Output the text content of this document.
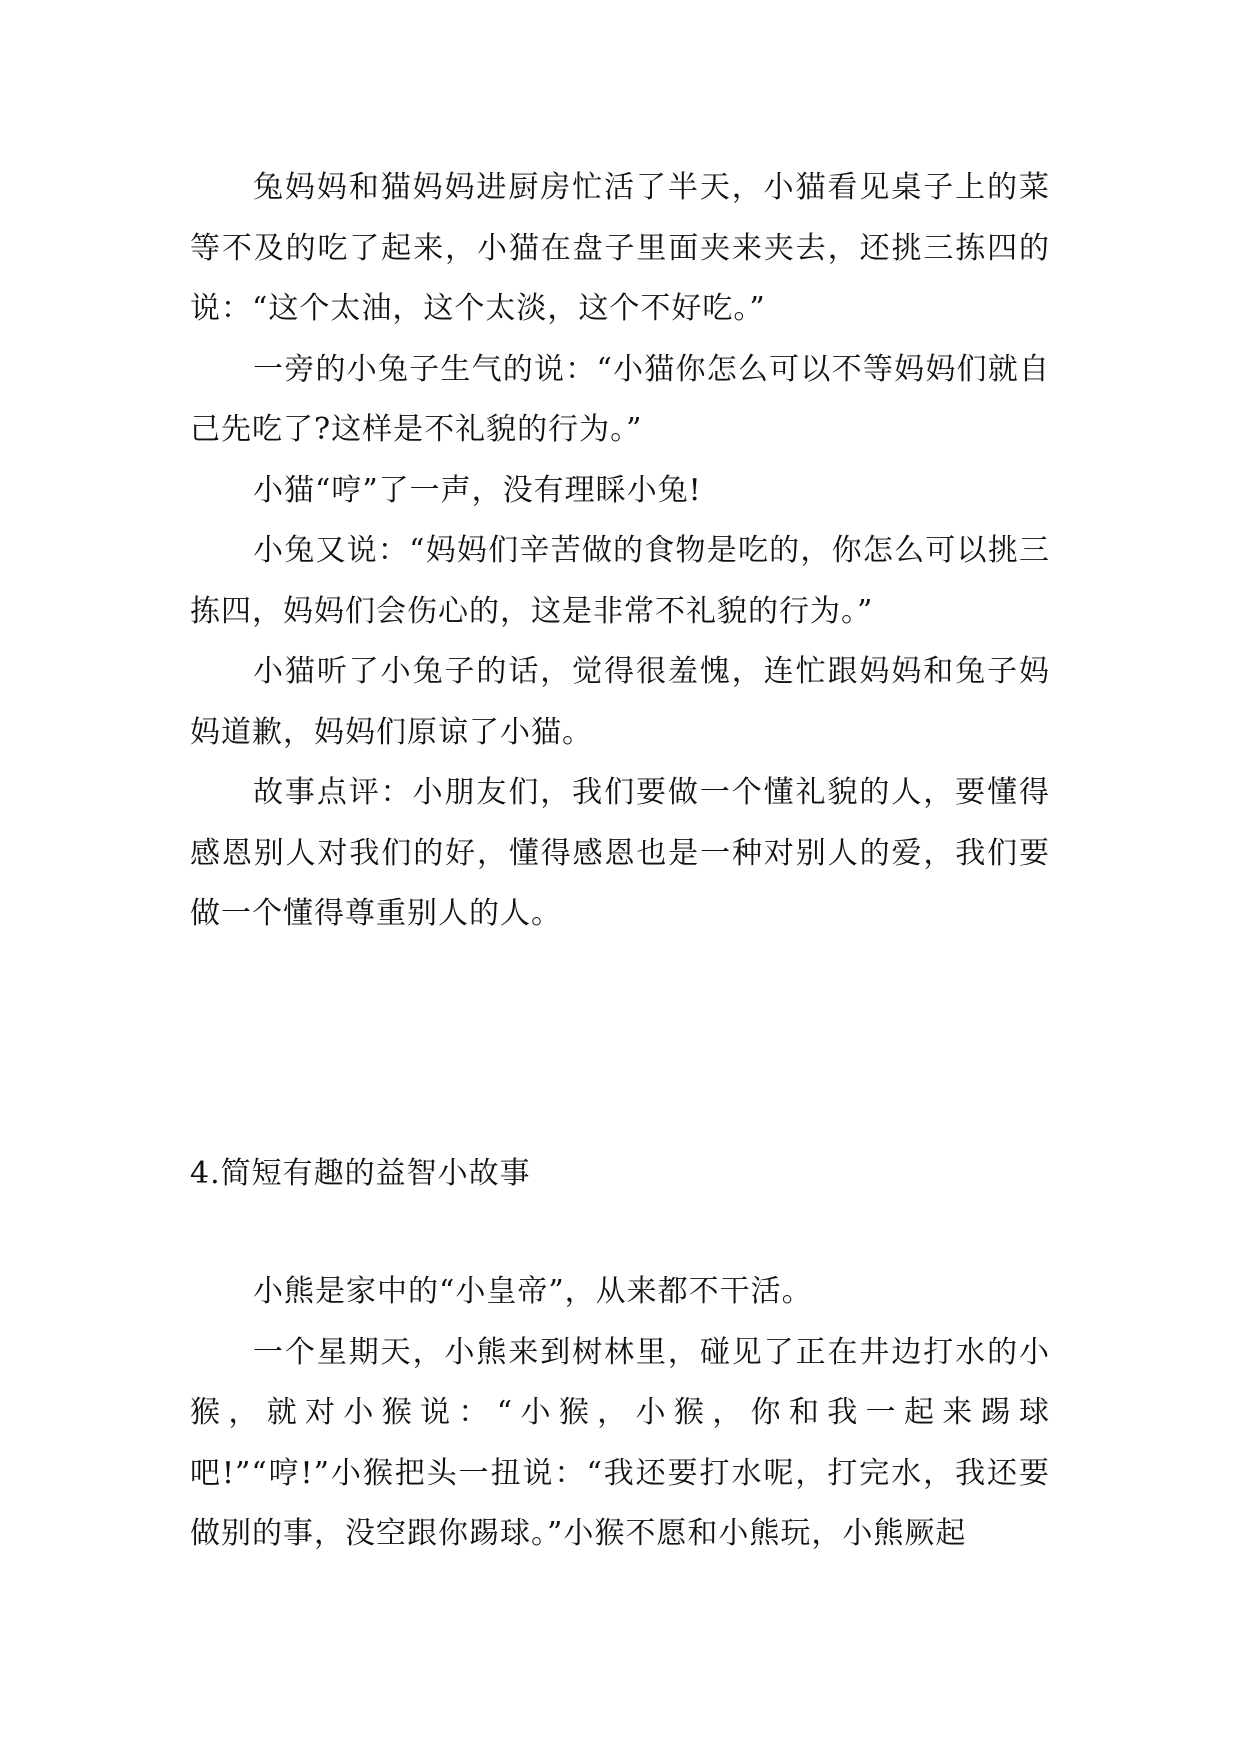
兔妈妈和猫妈妈进厨房忙活了半天，小猫看见桌子上的菜等不及的吃了起来，小猫在盘子里面夹来夹去，还挑三拣四的说：“这个太油，这个太淡，这个不好吃。”

一旁的小兔子生气的说：“小猫你怎么可以不等妈妈们就自己先吃了?这样是不礼貌的行为。”

小猫“哼”了一声，没有理睬小兔!

小兔又说：“妈妈们辛苦做的食物是吃的，你怎么可以挑三拣四，妈妈们会伤心的，这是非常不礼貌的行为。”

小猫听了小兔子的话，觉得很羞愧，连忙跟妈妈和兔子妈妈道歉，妈妈们原谅了小猫。

故事点评：小朋友们，我们要做一个懂礼貌的人，要懂得感恩别人对我们的好，懂得感恩也是一种对别人的爱，我们要做一个懂得尊重别人的人。

4.简短有趣的益智小故事

小熊是家中的“小皇帝”，从来都不干活。

一个星期天，小熊来到树林里，碰见了正在井边打水的小猴，就对小猴说：“小猴，小猴，你和我一起来踢球吧!”“哼!”小猴把头一扭说：“我还要打水呢，打完水，我还要做别的事，没空跟你踢球。”小猴不愿和小熊玩，小熊厥起
